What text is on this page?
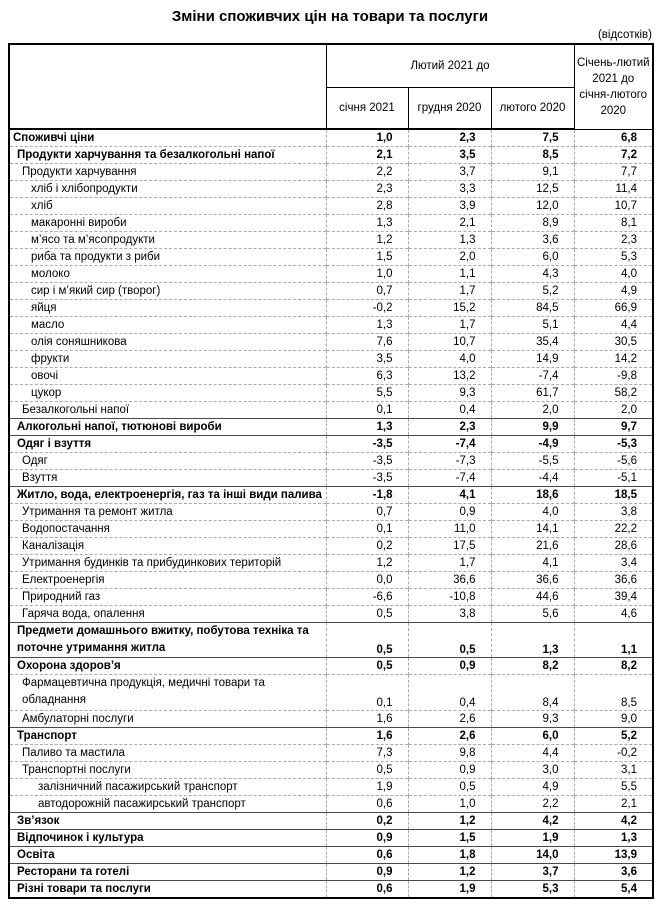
Зміни споживчих цін на товари та послуги
(відсотків)
	Лютий 2021 до			Січень-лютий 2021 до січня-лютого 2020
	січня 2021	грудня 2020	лютого 2020	
Споживчі ціни	1,0	2,3	7,5	6,8
Продукти харчування та безалкогольні напої	2,1	3,5	8,5	7,2
Продукти харчування	2,2	3,7	9,1	7,7
хліб і хлібопродукти	2,3	3,3	12,5	11,4
хліб	2,8	3,9	12,0	10,7
макаронні вироби	1,3	2,1	8,9	8,1
м’ясо та м’ясопродукти	1,2	1,3	3,6	2,3
риба та продукти з риби	1,5	2,0	6,0	5,3
молоко	1,0	1,1	4,3	4,0
сир і м’який сир (творог)	0,7	1,7	5,2	4,9
яйця	-0,2	15,2	84,5	66,9
масло	1,3	1,7	5,1	4,4
олія соняшникова	7,6	10,7	35,4	30,5
фрукти	3,5	4,0	14,9	14,2
овочі	6,3	13,2	-7,4	-9,8
цукор	5,5	9,3	61,7	58,2
Безалкогольні напої	0,1	0,4	2,0	2,0
Алкогольні напої, тютюнові вироби	1,3	2,3	9,9	9,7
Одяг і взуття	-3,5	-7,4	-4,9	-5,3
Одяг	-3,5	-7,3	-5,5	-5,6
Взуття	-3,5	-7,4	-4,4	-5,1
Житло, вода, електроенергія, газ та інші види палива	-1,8	4,1	18,6	18,5
Утримання та ремонт житла	0,7	0,9	4,0	3,8
Водопостачання	0,1	11,0	14,1	22,2
Каналізація	0,2	17,5	21,6	28,6
Утримання будинків та прибудинкових територій	1,2	1,7	4,1	3,4
Електроенергія	0,0	36,6	36,6	36,6
Природний газ	-6,6	-10,8	44,6	39,4
Гаряча вода, опалення	0,5	3,8	5,6	4,6
Предмети домашнього вжитку, побутова техніка та поточне утримання житла	0,5	0,5	1,3	1,1
Охорона здоров’я	0,5	0,9	8,2	8,2
Фармацевтична продукція, медичні товари та обладнання	0,1	0,4	8,4	8,5
Амбулаторні послуги	1,6	2,6	9,3	9,0
Транспорт	1,6	2,6	6,0	5,2
Паливо та мастила	7,3	9,8	4,4	-0,2
Транспортні послуги	0,5	0,9	3,0	3,1
залізничний пасажирський транспорт	1,9	0,5	4,9	5,5
автодорожній пасажирський транспорт	0,6	1,0	2,2	2,1
Зв’язок	0,2	1,2	4,2	4,2
Відпочинок і культура	0,9	1,5	1,9	1,3
Освіта	0,6	1,8	14,0	13,9
Ресторани та готелі	0,9	1,2	3,7	3,6
Різні товари та послуги	0,6	1,9	5,3	5,4
